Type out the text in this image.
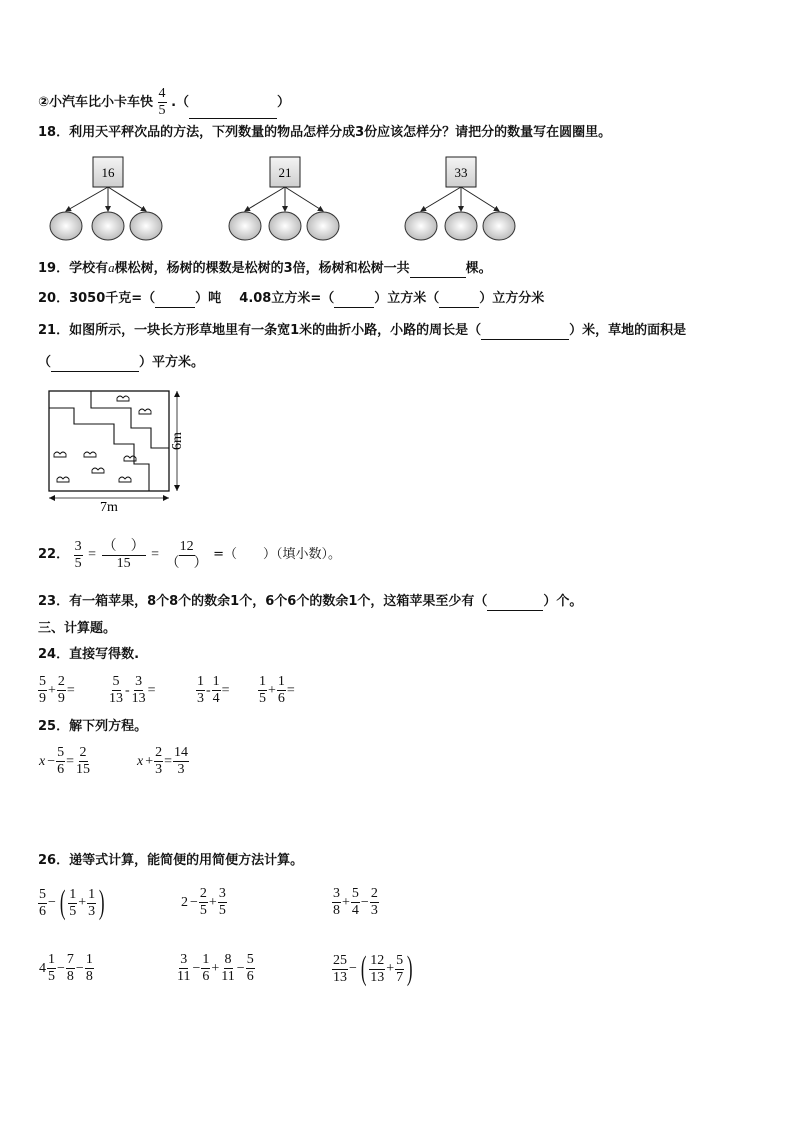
②小汽车比小卡车快 $\frac{4}{5}$ .（	）
18．利用天平秤次品的方法，下列数量的物品怎样分成3份应该怎样分？请把分的数量写在圆圈里。
16	21	33
19．学校有a棵松树，杨树的棵数是松树的3倍，杨树和松树一共	棵。
20．3050千克=（	）吨    4.08立方米=（	）立方米（	）立方分米
21．如图所示，一块长方形草地里有一条宽1米的曲折小路，小路的周长是（	）米，草地的面积是
（	）平方米。
7m
6m
22． $\frac{3}{5} = \frac{( )}{15} = \frac{12}{( )}$ =（　　）（填小数）。
23．有一箱苹果，8个8个的数余1个，6个6个的数余1个，这箱苹果至少有（	）个。
三、计算题。
24．直接写得数.
$\frac{5}{9} + \frac{2}{9} = \frac{5}{13} - \frac{3}{13}$ =	$\frac{1}{3} - \frac{1}{4} = \frac{1}{5} + \frac{1}{6}$ =
25．解下列方程。
$x - \frac{5}{6} = \frac{2}{15}$	$x + \frac{2}{3} = \frac{14}{3}$
26．递等式计算，能简便的用简便方法计算。
$\frac{5}{6}$ − ( $\frac{1}{5} + \frac{1}{3}$ )	$2 - \frac{2}{5} + \frac{3}{5}$	$\frac{3}{8} + \frac{5}{4} - \frac{2}{3}$
$4 \frac{1}{5} - \frac{7}{8} - \frac{1}{8}$	$\frac{3}{11} - \frac{1}{6} + \frac{8}{11} - \frac{5}{6}$	$\frac{25}{13}$ − ( $\frac{12}{13} + \frac{5}{7}$ )
